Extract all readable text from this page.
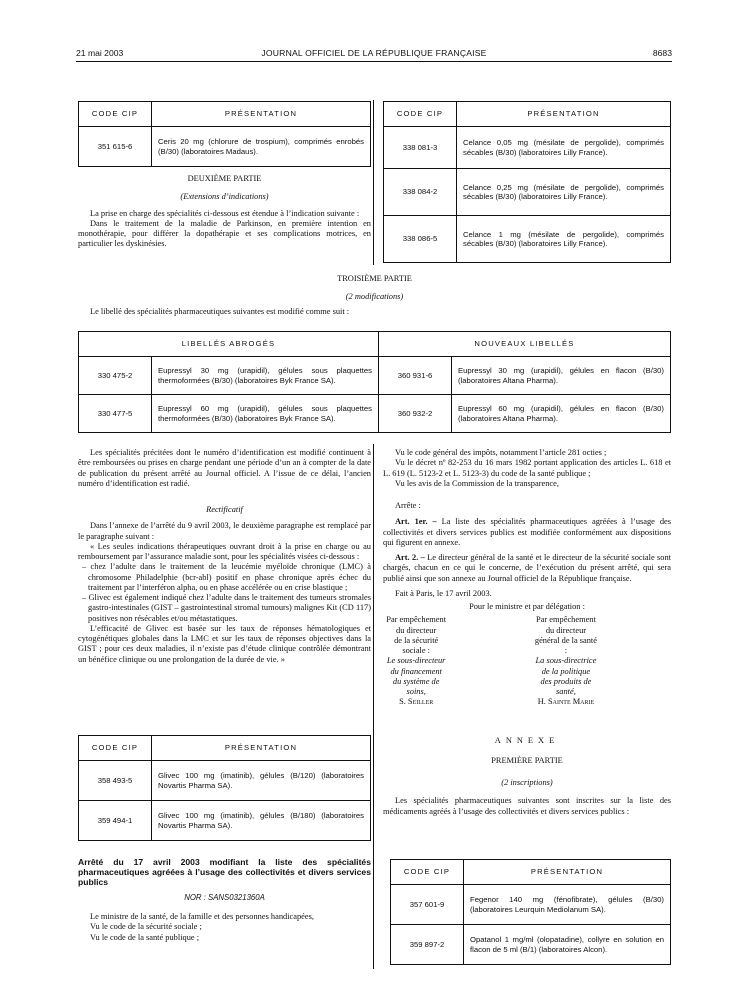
21 mai 2003	JOURNAL OFFICIEL DE LA RÉPUBLIQUE FRANÇAISE	8683
CODE CIP	PRÉSENTATION
351 615-6	Ceris 20 mg (chlorure de trospium), comprimés enrobés (B/30) (laboratoires Madaus).
CODE CIP	PRÉSENTATION
338 081-3	Celance 0,05 mg (mésilate de pergolide), comprimés sécables (B/30) (laboratoires Lilly France).
338 084-2	Celance 0,25 mg (mésilate de pergolide), comprimés sécables (B/30) (laboratoires Lilly France).
338 086-5	Celance 1 mg (mésilate de pergolide), comprimés sécables (B/30) (laboratoires Lilly France).
DEUXIÈME PARTIE
(Extensions d’indications)

La prise en charge des spécialités ci-dessous est étendue à l’indication suivante :

Dans le traitement de la maladie de Parkinson, en première intention en monothérapie, pour différer la dopathérapie et ses complications motrices, en particulier les dyskinésies.

TROISIÈME PARTIE
(2 modifications)

Le libellé des spécialités pharmaceutiques suivantes est modifié comme suit :

LIBELLÉS ABROGÉS		NOUVEAUX LIBELLÉS	
330 475-2	Eupressyl 30 mg (urapidil), gélules sous plaquettes thermoformées (B/30) (laboratoires Byk France SA).	360 931-6	Eupressyl 30 mg (urapidil), gélules en flacon (B/30) (laboratoires Altana Pharma).
330 477-5	Eupressyl 60 mg (urapidil), gélules sous plaquettes thermoformées (B/30) (laboratoires Byk France SA).	360 932-2	Eupressyl 60 mg (urapidil), gélules en flacon (B/30) (laboratoires Altana Pharma).

Les spécialités précitées dont le numéro d’identification est modifié continuent à être remboursées ou prises en charge pendant une période d’un an à compter de la date de publication du présent arrêté au Journal officiel. A l’issue de ce délai, l’ancien numéro d’identification est radié.

Rectificatif

Dans l’annexe de l’arrêté du 9 avril 2003, le deuxième paragraphe est remplacé par le paragraphe suivant :

« Les seules indications thérapeutiques ouvrant droit à la prise en charge ou au remboursement par l’assurance maladie sont, pour les spécialités visées ci-dessous :

– chez l’adulte dans le traitement de la leucémie myéloïde chronique (LMC) à chromosome Philadelphie (bcr-abl) positif en phase chronique après échec du traitement par l’interféron alpha, ou en phase accélérée ou en crise blastique ;

– Glivec est également indiqué chez l’adulte dans le traitement des tumeurs stromales gastro-intestinales (GIST – gastrointestinal stromal tumours) malignes Kit (CD 117) positives non résécables et/ou métastatiques.

L’efficacité de Glivec est basée sur les taux de réponses hématologiques et cytogénétiques globales dans la LMC et sur les taux de réponses objectives dans la GIST ; pour ces deux maladies, il n’existe pas d’étude clinique contrôlée démontrant un bénéfice clinique ou une prolongation de la durée de vie. »

CODE CIP	PRÉSENTATION
358 493-5	Glivec 100 mg (imatinib), gélules (B/120) (laboratoires Novartis Pharma SA).
359 494-1	Glivec 100 mg (imatinib), gélules (B/180) (laboratoires Novartis Pharma SA).
Arrêté du 17 avril 2003 modifiant la liste des spécialités pharmaceutiques agréées à l’usage des collectivités et divers services publics
NOR : SANS0321360A

Le ministre de la santé, de la famille et des personnes handicapées,

Vu le code de la sécurité sociale ;

Vu le code de la santé publique ;

Vu le code général des impôts, notamment l’article 281 octies ;

Vu le décret nº 82-253 du 16 mars 1982 portant application des articles L. 618 et L. 619 (L. 5123-2 et L. 5123-3) du code de la santé publique ;

Vu les avis de la Commission de la transparence,

Arrête :

Art. 1er. – La liste des spécialités pharmaceutiques agréées à l’usage des collectivités et divers services publics est modifiée conformément aux dispositions qui figurent en annexe.

Art. 2. – Le directeur général de la santé et le directeur de la sécurité sociale sont chargés, chacun en ce qui le concerne, de l’exécution du présent arrêté, qui sera publié ainsi que son annexe au Journal officiel de la République française.

Fait à Paris, le 17 avril 2003.

Pour le ministre et par délégation :
Par empêchement du directeur
de la sécurité sociale :
Le sous-directeur
du financement
du système de soins,
S. Seiller
Par empêchement
du directeur général de la santé :
La sous-directrice
de la politique
des produits de santé,
H. Sainte Marie
ANNEXE
PREMIÈRE PARTIE
(2 inscriptions)

Les spécialités pharmaceutiques suivantes sont inscrites sur la liste des médicaments agréés à l’usage des collectivités et divers services publics :

CODE CIP	PRÉSENTATION
357 601-9	Fegenor 140 mg (fénofibrate), gélules (B/30) (laboratoires Leurquin Mediolanum SA).
359 897-2	Opatanol 1 mg/ml (olopatadine), collyre en solution en flacon de 5 ml (B/1) (laboratoires Alcon).
